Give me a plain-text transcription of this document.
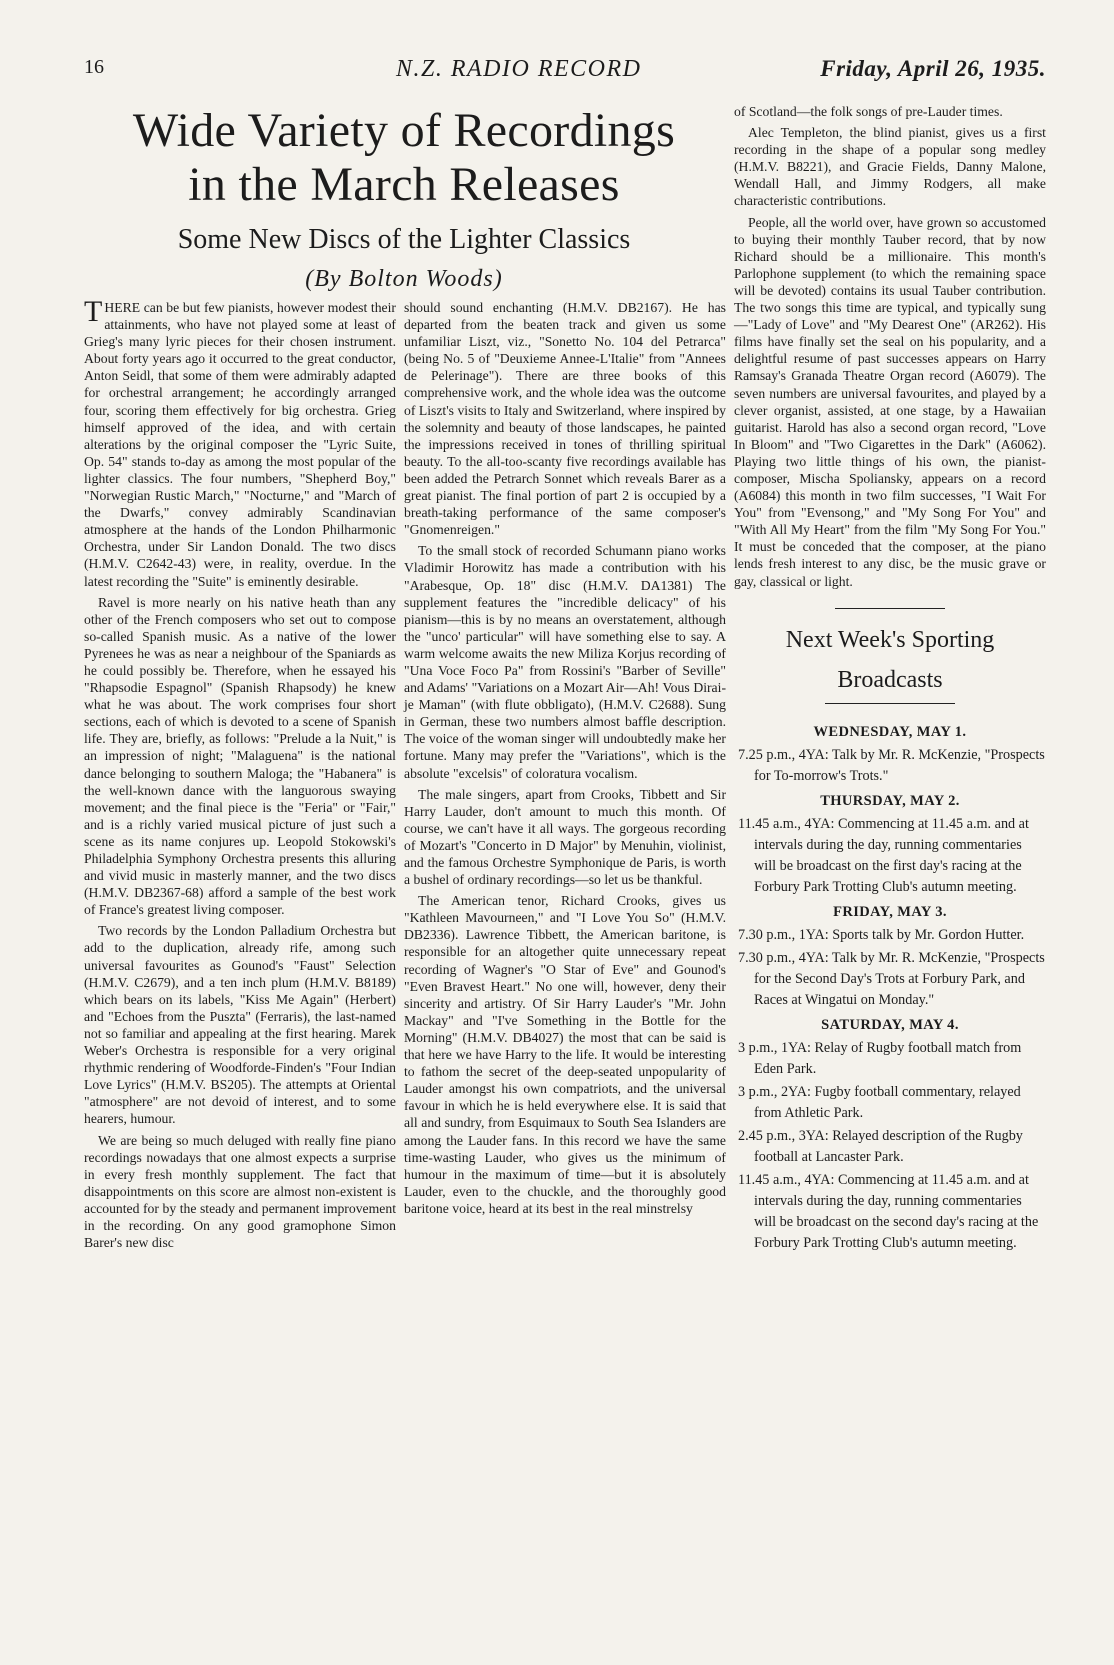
16	N.Z. RADIO RECORD	Friday, April 26, 1935.
Wide Variety of Recordings
in the March Releases
Some New Discs of the Lighter Classics
(By Bolton Woods)

THERE can be but few pianists, however modest their attainments, who have not played some at least of Grieg's many lyric pieces for their chosen instrument. About forty years ago it occurred to the great conductor, Anton Seidl, that some of them were admirably adapted for orchestral arrangement; he accordingly arranged four, scoring them effectively for big orchestra. Grieg himself approved of the idea, and with certain alterations by the original composer the "Lyric Suite, Op. 54" stands to-day as among the most popular of the lighter classics. The four numbers, "Shepherd Boy," "Norwegian Rustic March," "Nocturne," and "March of the Dwarfs," convey admirably Scandinavian atmosphere at the hands of the London Philharmonic Orchestra, under Sir Landon Donald. The two discs (H.M.V. C2642-43) were, in reality, overdue. In the latest recording the "Suite" is eminently desirable.

Ravel is more nearly on his native heath than any other of the French composers who set out to compose so-called Spanish music. As a native of the lower Pyrenees he was as near a neighbour of the Spaniards as he could possibly be. Therefore, when he essayed his "Rhapsodie Espagnol" (Spanish Rhapsody) he knew what he was about. The work comprises four short sections, each of which is devoted to a scene of Spanish life. They are, briefly, as follows: "Prelude a la Nuit," is an impression of night; "Malaguena" is the national dance belonging to southern Maloga; the "Habanera" is the well-known dance with the languorous swaying movement; and the final piece is the "Feria" or "Fair," and is a richly varied musical picture of just such a scene as its name conjures up. Leopold Stokowski's Philadelphia Symphony Orchestra presents this alluring and vivid music in masterly manner, and the two discs (H.M.V. DB2367-68) afford a sample of the best work of France's greatest living composer.

Two records by the London Palladium Orchestra but add to the duplication, already rife, among such universal favourites as Gounod's "Faust" Selection (H.M.V. C2679), and a ten inch plum (H.M.V. B8189) which bears on its labels, "Kiss Me Again" (Herbert) and "Echoes from the Puszta" (Ferraris), the last-named not so familiar and appealing at the first hearing. Marek Weber's Orchestra is responsible for a very original rhythmic rendering of Woodforde-Finden's "Four Indian Love Lyrics" (H.M.V. BS205). The attempts at Oriental "atmosphere" are not devoid of interest, and to some hearers, humour.

We are being so much deluged with really fine piano recordings nowadays that one almost expects a surprise in every fresh monthly supplement. The fact that disappointments on this score are almost non-existent is accounted for by the steady and permanent improvement in the recording. On any good gramophone Simon Barer's new disc

should sound enchanting (H.M.V. DB2167). He has departed from the beaten track and given us some unfamiliar Liszt, viz., "Sonetto No. 104 del Petrarca" (being No. 5 of "Deuxieme Annee-L'Italie" from "Annees de Pelerinage"). There are three books of this comprehensive work, and the whole idea was the outcome of Liszt's visits to Italy and Switzerland, where inspired by the solemnity and beauty of those landscapes, he painted the impressions received in tones of thrilling spiritual beauty. To the all-too-scanty five recordings available has been added the Petrarch Sonnet which reveals Barer as a great pianist. The final portion of part 2 is occupied by a breath-taking performance of the same composer's "Gnomenreigen."

To the small stock of recorded Schumann piano works Vladimir Horowitz has made a contribution with his "Arabesque, Op. 18" disc (H.M.V. DA1381) The supplement features the "incredible delicacy" of his pianism—this is by no means an overstatement, although the "unco' particular" will have something else to say. A warm welcome awaits the new Miliza Korjus recording of "Una Voce Foco Pa" from Rossini's "Barber of Seville" and Adams' "Variations on a Mozart Air—Ah! Vous Dirai-je Maman" (with flute obbligato), (H.M.V. C2688). Sung in German, these two numbers almost baffle description. The voice of the woman singer will undoubtedly make her fortune. Many may prefer the "Variations", which is the absolute "excelsis" of coloratura vocalism.

The male singers, apart from Crooks, Tibbett and Sir Harry Lauder, don't amount to much this month. Of course, we can't have it all ways. The gorgeous recording of Mozart's "Concerto in D Major" by Menuhin, violinist, and the famous Orchestre Symphonique de Paris, is worth a bushel of ordinary recordings—so let us be thankful.

The American tenor, Richard Crooks, gives us "Kathleen Mavourneen," and "I Love You So" (H.M.V. DB2336). Lawrence Tibbett, the American baritone, is responsible for an altogether quite unnecessary repeat recording of Wagner's "O Star of Eve" and Gounod's "Even Bravest Heart." No one will, however, deny their sincerity and artistry. Of Sir Harry Lauder's "Mr. John Mackay" and "I've Something in the Bottle for the Morning" (H.M.V. DB4027) the most that can be said is that here we have Harry to the life. It would be interesting to fathom the secret of the deep-seated unpopularity of Lauder amongst his own compatriots, and the universal favour in which he is held everywhere else. It is said that all and sundry, from Esquimaux to South Sea Islanders are among the Lauder fans. In this record we have the same time-wasting Lauder, who gives us the minimum of humour in the maximum of time—but it is absolutely Lauder, even to the chuckle, and the thoroughly good baritone voice, heard at its best in the real minstrelsy

of Scotland—the folk songs of pre-Lauder times.

Alec Templeton, the blind pianist, gives us a first recording in the shape of a popular song medley (H.M.V. B8221), and Gracie Fields, Danny Malone, Wendall Hall, and Jimmy Rodgers, all make characteristic contributions.

People, all the world over, have grown so accustomed to buying their monthly Tauber record, that by now Richard should be a millionaire. This month's Parlophone supplement (to which the remaining space will be devoted) contains its usual Tauber contribution. The two songs this time are typical, and typically sung—"Lady of Love" and "My Dearest One" (AR262). His films have finally set the seal on his popularity, and a delightful resume of past successes appears on Harry Ramsay's Granada Theatre Organ record (A6079). The seven numbers are universal favourites, and played by a clever organist, assisted, at one stage, by a Hawaiian guitarist. Harold has also a second organ record, "Love In Bloom" and "Two Cigarettes in the Dark" (A6062). Playing two little things of his own, the pianist-composer, Mischa Spoliansky, appears on a record (A6084) this month in two film successes, "I Wait For You" from "Evensong," and "My Song For You" and "With All My Heart" from the film "My Song For You." It must be conceded that the composer, at the piano lends fresh interest to any disc, be the music grave or gay, classical or light.

Next Week's Sporting
Broadcasts
WEDNESDAY, MAY 1.
7.25 p.m., 4YA: Talk by Mr. R. McKenzie, "Prospects for To-morrow's Trots."
THURSDAY, MAY 2.
11.45 a.m., 4YA: Commencing at 11.45 a.m. and at intervals during the day, running commentaries will be broadcast on the first day's racing at the Forbury Park Trotting Club's autumn meeting.
FRIDAY, MAY 3.
7.30 p.m., 1YA: Sports talk by Mr. Gordon Hutter.
7.30 p.m., 4YA: Talk by Mr. R. McKenzie, "Prospects for the Second Day's Trots at Forbury Park, and Races at Wingatui on Monday."
SATURDAY, MAY 4.
3 p.m., 1YA: Relay of Rugby football match from Eden Park.
3 p.m., 2YA: Fugby football commentary, relayed from Athletic Park.
2.45 p.m., 3YA: Relayed description of the Rugby football at Lancaster Park.
11.45 a.m., 4YA: Commencing at 11.45 a.m. and at intervals during the day, running commentaries will be broadcast on the second day's racing at the Forbury Park Trotting Club's autumn meeting.
